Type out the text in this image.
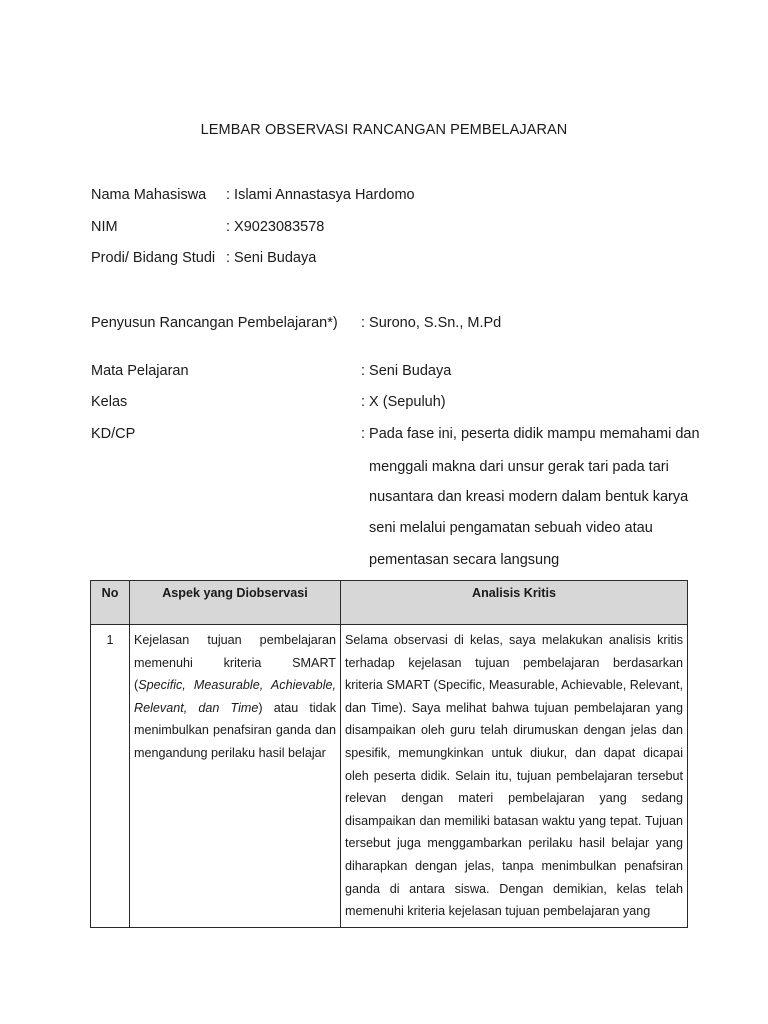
LEMBAR OBSERVASI RANCANGAN PEMBELAJARAN
Nama Mahasiswa : Islami Annastasya Hardomo
NIM	: X9023083578
Prodi/ Bidang Studi : Seni Budaya
Penyusun Rancangan Pembelajaran*) : Surono, S.Sn., M.Pd
Mata Pelajaran	: Seni Budaya
Kelas	: X (Sepuluh)
KD/CP	: Pada fase ini, peserta didik mampu memahami dan
menggali makna dari unsur gerak tari pada tari
nusantara dan kreasi modern dalam bentuk karya
seni melalui pengamatan sebuah video atau
pementasan secara langsung
No	Aspek yang Diobservasi	Analisis Kritis
1	Kejelasan tujuan pembelajaran memenuhi kriteria SMART (Specific, Measurable, Achievable, Relevant, dan Time) atau tidak menimbulkan penafsiran ganda dan mengandung perilaku hasil belajar	Selama observasi di kelas, saya melakukan analisis kritis terhadap kejelasan tujuan pembelajaran berdasarkan kriteria SMART (Specific, Measurable, Achievable, Relevant, dan Time). Saya melihat bahwa tujuan pembelajaran yang disampaikan oleh guru telah dirumuskan dengan jelas dan spesifik, memungkinkan untuk diukur, dan dapat dicapai oleh peserta didik. Selain itu, tujuan pembelajaran tersebut relevan dengan materi pembelajaran yang sedang disampaikan dan memiliki batasan waktu yang tepat. Tujuan tersebut juga menggambarkan perilaku hasil belajar yang diharapkan dengan jelas, tanpa menimbulkan penafsiran ganda di antara siswa. Dengan demikian, kelas telah memenuhi kriteria kejelasan tujuan pembelajaran yang
